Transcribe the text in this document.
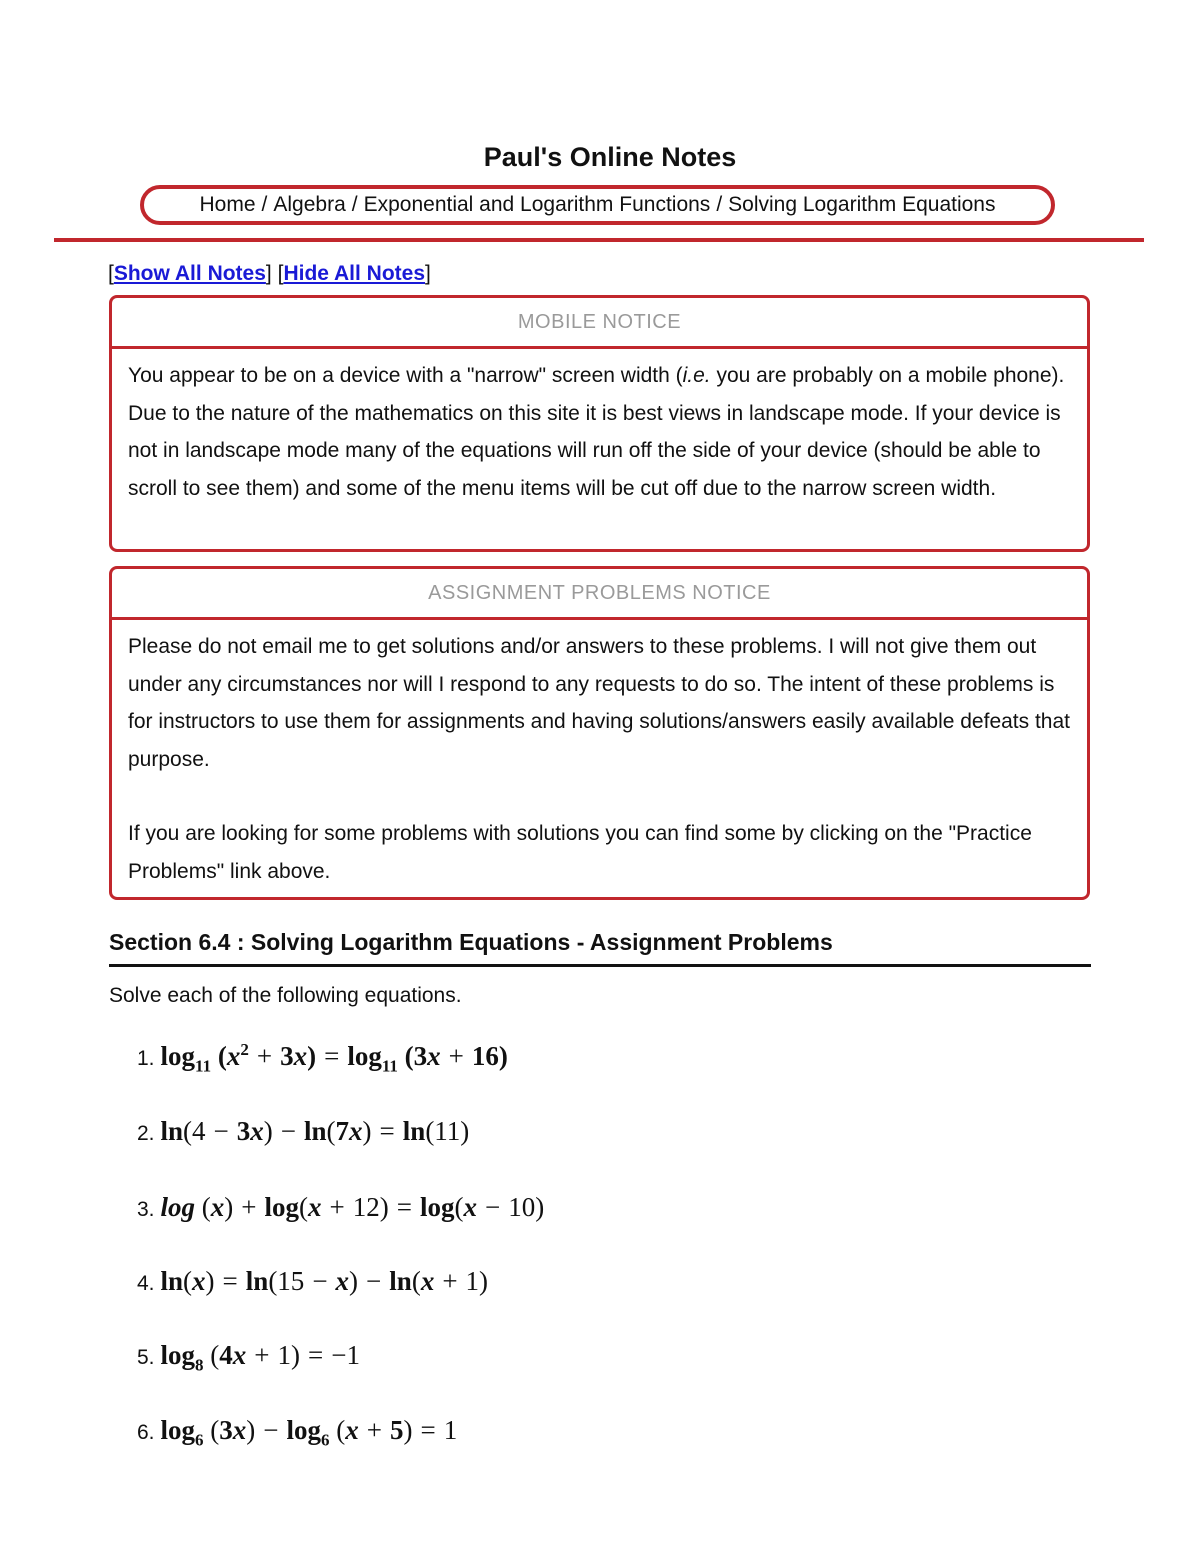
Paul's Online Notes
Home / Algebra / Exponential and Logarithm Functions / Solving Logarithm Equations
[Show All Notes] [Hide All Notes]
MOBILE NOTICE

You appear to be on a device with a "narrow" screen width (i.e. you are probably on a mobile phone). Due to the nature of the mathematics on this site it is best views in landscape mode. If your device is not in landscape mode many of the equations will run off the side of your device (should be able to scroll to see them) and some of the menu items will be cut off due to the narrow screen width.

ASSIGNMENT PROBLEMS NOTICE

Please do not email me to get solutions and/or answers to these problems. I will not give them out under any circumstances nor will I respond to any requests to do so. The intent of these problems is for instructors to use them for assignments and having solutions/answers easily available defeats that purpose.

If you are looking for some problems with solutions you can find some by clicking on the "Practice Problems" link above.

Section 6.4 : Solving Logarithm Equations - Assignment Problems
Solve each of the following equations.
1. $\log_{11} (x^2 + 3x) = \log_{11} (3x + 16)$
2. ln(4 − 3x) − ln(7x) = ln(11)
3. log (x) + log(x + 12) = log(x − 10)
4. ln(x) = ln(15 − x) − ln(x + 1)
5. $\log_8 (4x + 1) = -1$
6. $\log_6 (3x) - \log_6 (x + 5) = 1$
